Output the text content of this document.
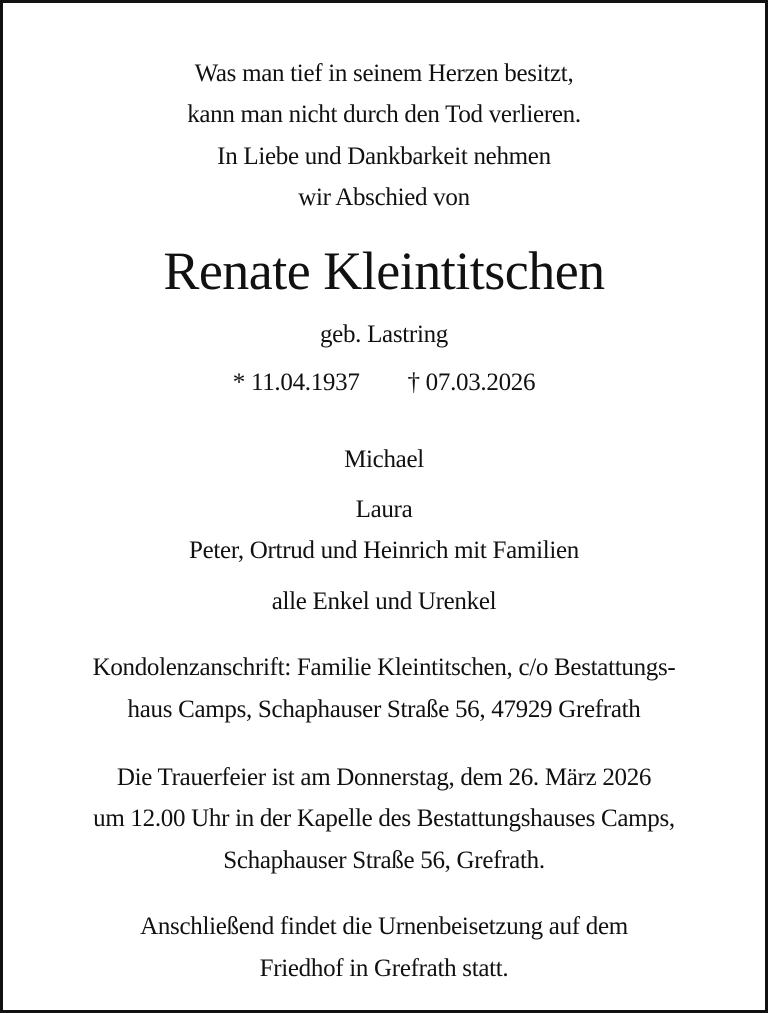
Was man tief in seinem Herzen besitzt,
kann man nicht durch den Tod verlieren.
In Liebe und Dankbarkeit nehmen
wir Abschied von
Renate Kleintitschen
geb. Lastring
* 11.04.1937 † 07.03.2026
Michael
Laura
Peter, Ortrud und Heinrich mit Familien
alle Enkel und Urenkel
Kondolenzanschrift: Familie Kleintitschen, c/o Bestattungs-
haus Camps, Schaphauser Straße 56, 47929 Grefrath
Die Trauerfeier ist am Donnerstag, dem 26. März 2026
um 12.00 Uhr in der Kapelle des Bestattungshauses Camps,
Schaphauser Straße 56, Grefrath.
Anschließend findet die Urnenbeisetzung auf dem
Friedhof in Grefrath statt.
